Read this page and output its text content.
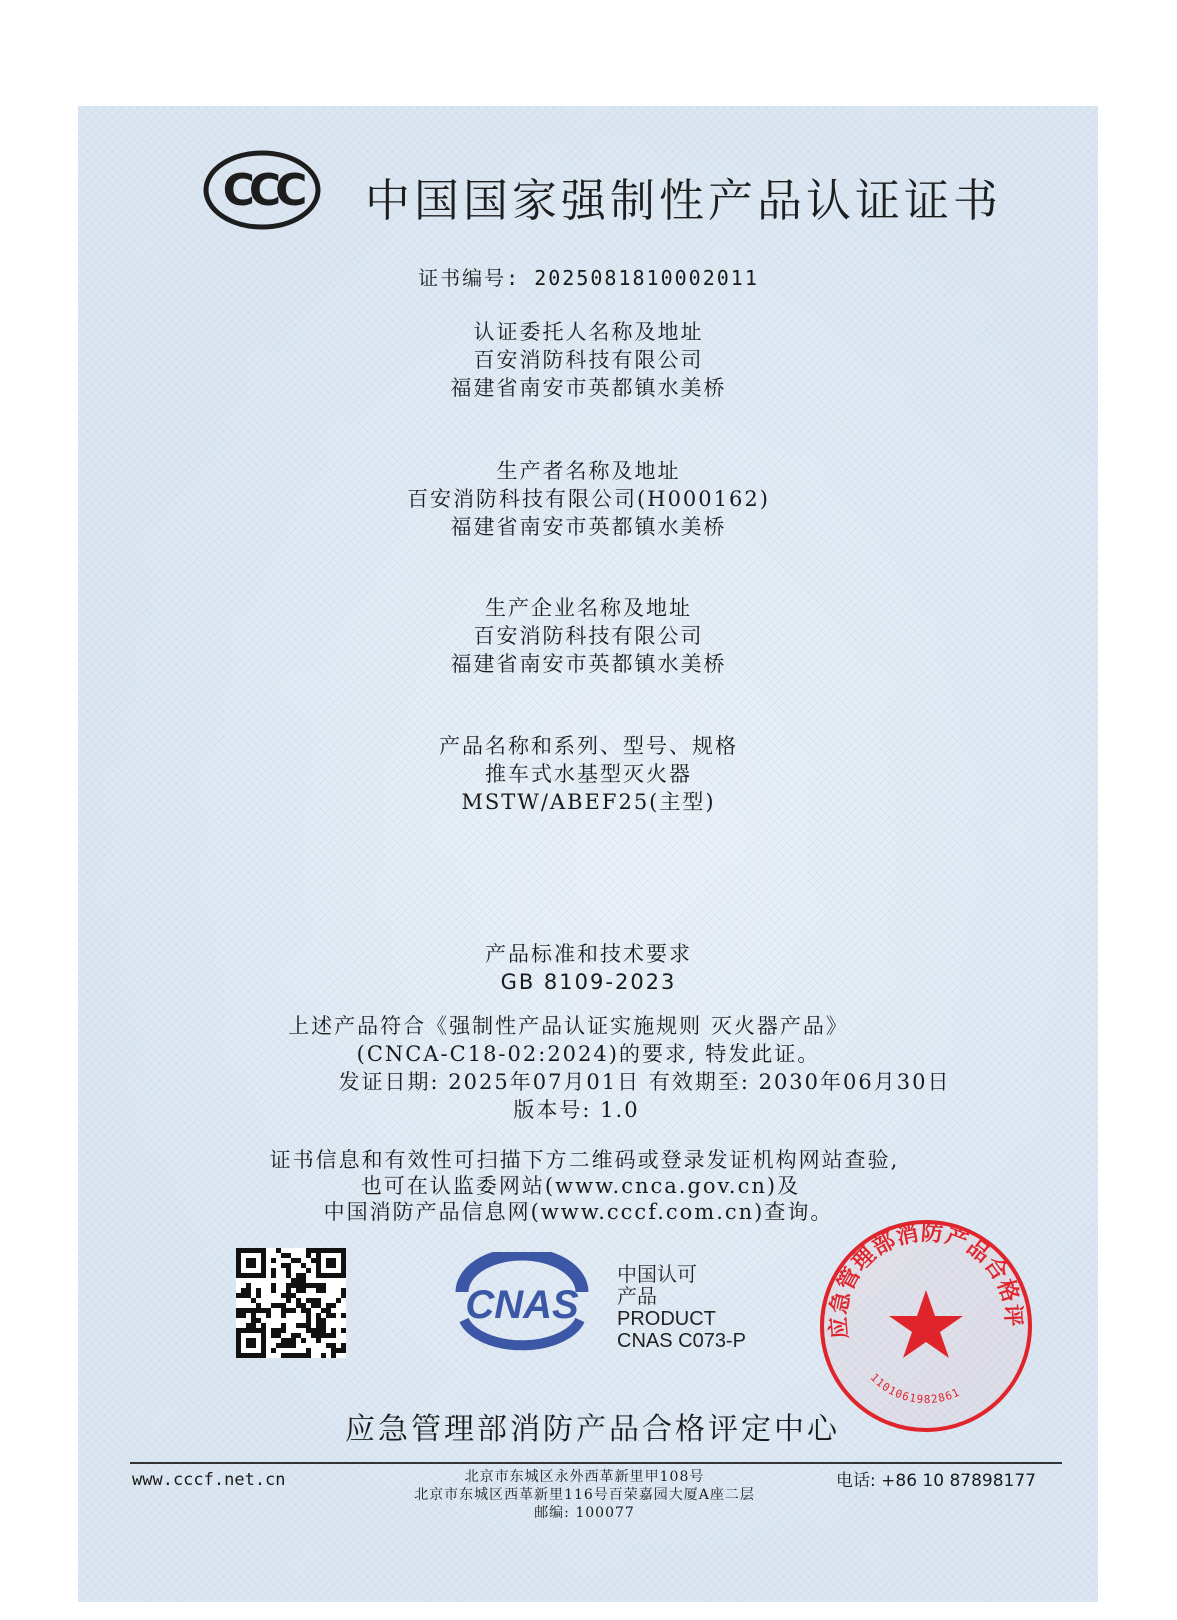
CCC 中国国家强制性产品认证证书
证书编号: 2025081810002011
认证委托人名称及地址
百安消防科技有限公司
福建省南安市英都镇水美桥
生产者名称及地址
百安消防科技有限公司(H000162)
福建省南安市英都镇水美桥
生产企业名称及地址
百安消防科技有限公司
福建省南安市英都镇水美桥
产品名称和系列、型号、规格
推车式水基型灭火器
MSTW/ABEF25(主型)
产品标准和技术要求
GB 8109-2023
上述产品符合《强制性产品认证实施规则 灭火器产品》
(CNCA-C18-02:2024)的要求, 特发此证。
发证日期: 2025年07月01日 有效期至: 2030年06月30日
版本号: 1.0
证书信息和有效性可扫描下方二维码或登录发证机构网站查验,
也可在认监委网站(www.cnca.gov.cn)及
中国消防产品信息网(www.cccf.com.cn)查询。
CNAS
中国认可
产品
PRODUCT
CNAS C073-P
应急管理部消防产品合格评
1101061982861
应急管理部消防产品合格评定中心
www.cccf.net.cn	北京市东城区永外西革新里甲108号
北京市东城区西革新里116号百荣嘉园大厦A座二层
邮编: 100077
电话: +86 10 87898177
